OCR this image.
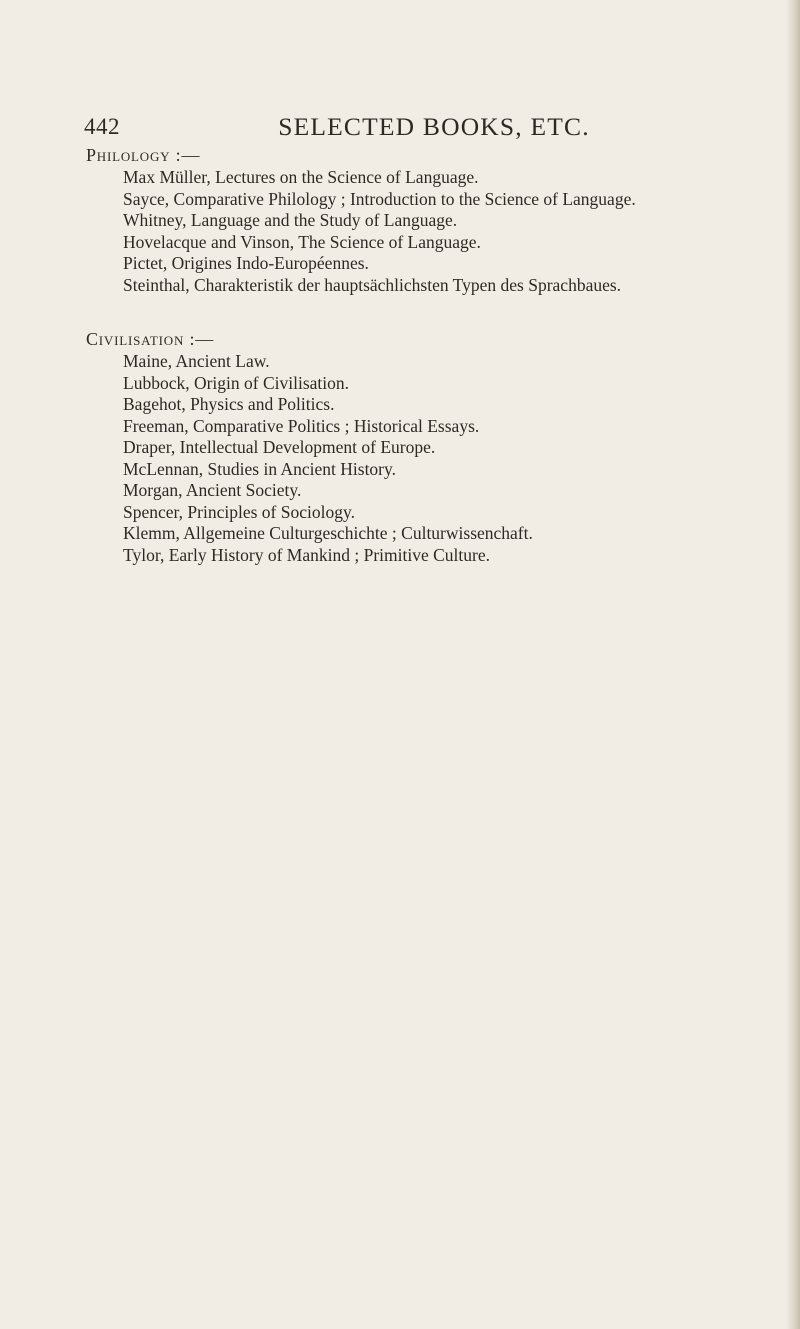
442	SELECTED BOOKS, ETC.
Philology :—
Max Müller, Lectures on the Science of Language.
Sayce, Comparative Philology ; Introduction to the Science of Language.
Whitney, Language and the Study of Language.
Hovelacque and Vinson, The Science of Language.
Pictet, Origines Indo-Européennes.
Steinthal, Charakteristik der hauptsächlichsten Typen des Sprachbaues.
Civilisation :—
Maine, Ancient Law.
Lubbock, Origin of Civilisation.
Bagehot, Physics and Politics.
Freeman, Comparative Politics ; Historical Essays.
Draper, Intellectual Development of Europe.
McLennan, Studies in Ancient History.
Morgan, Ancient Society.
Spencer, Principles of Sociology.
Klemm, Allgemeine Culturgeschichte ; Culturwissenchaft.
Tylor, Early History of Mankind ; Primitive Culture.
